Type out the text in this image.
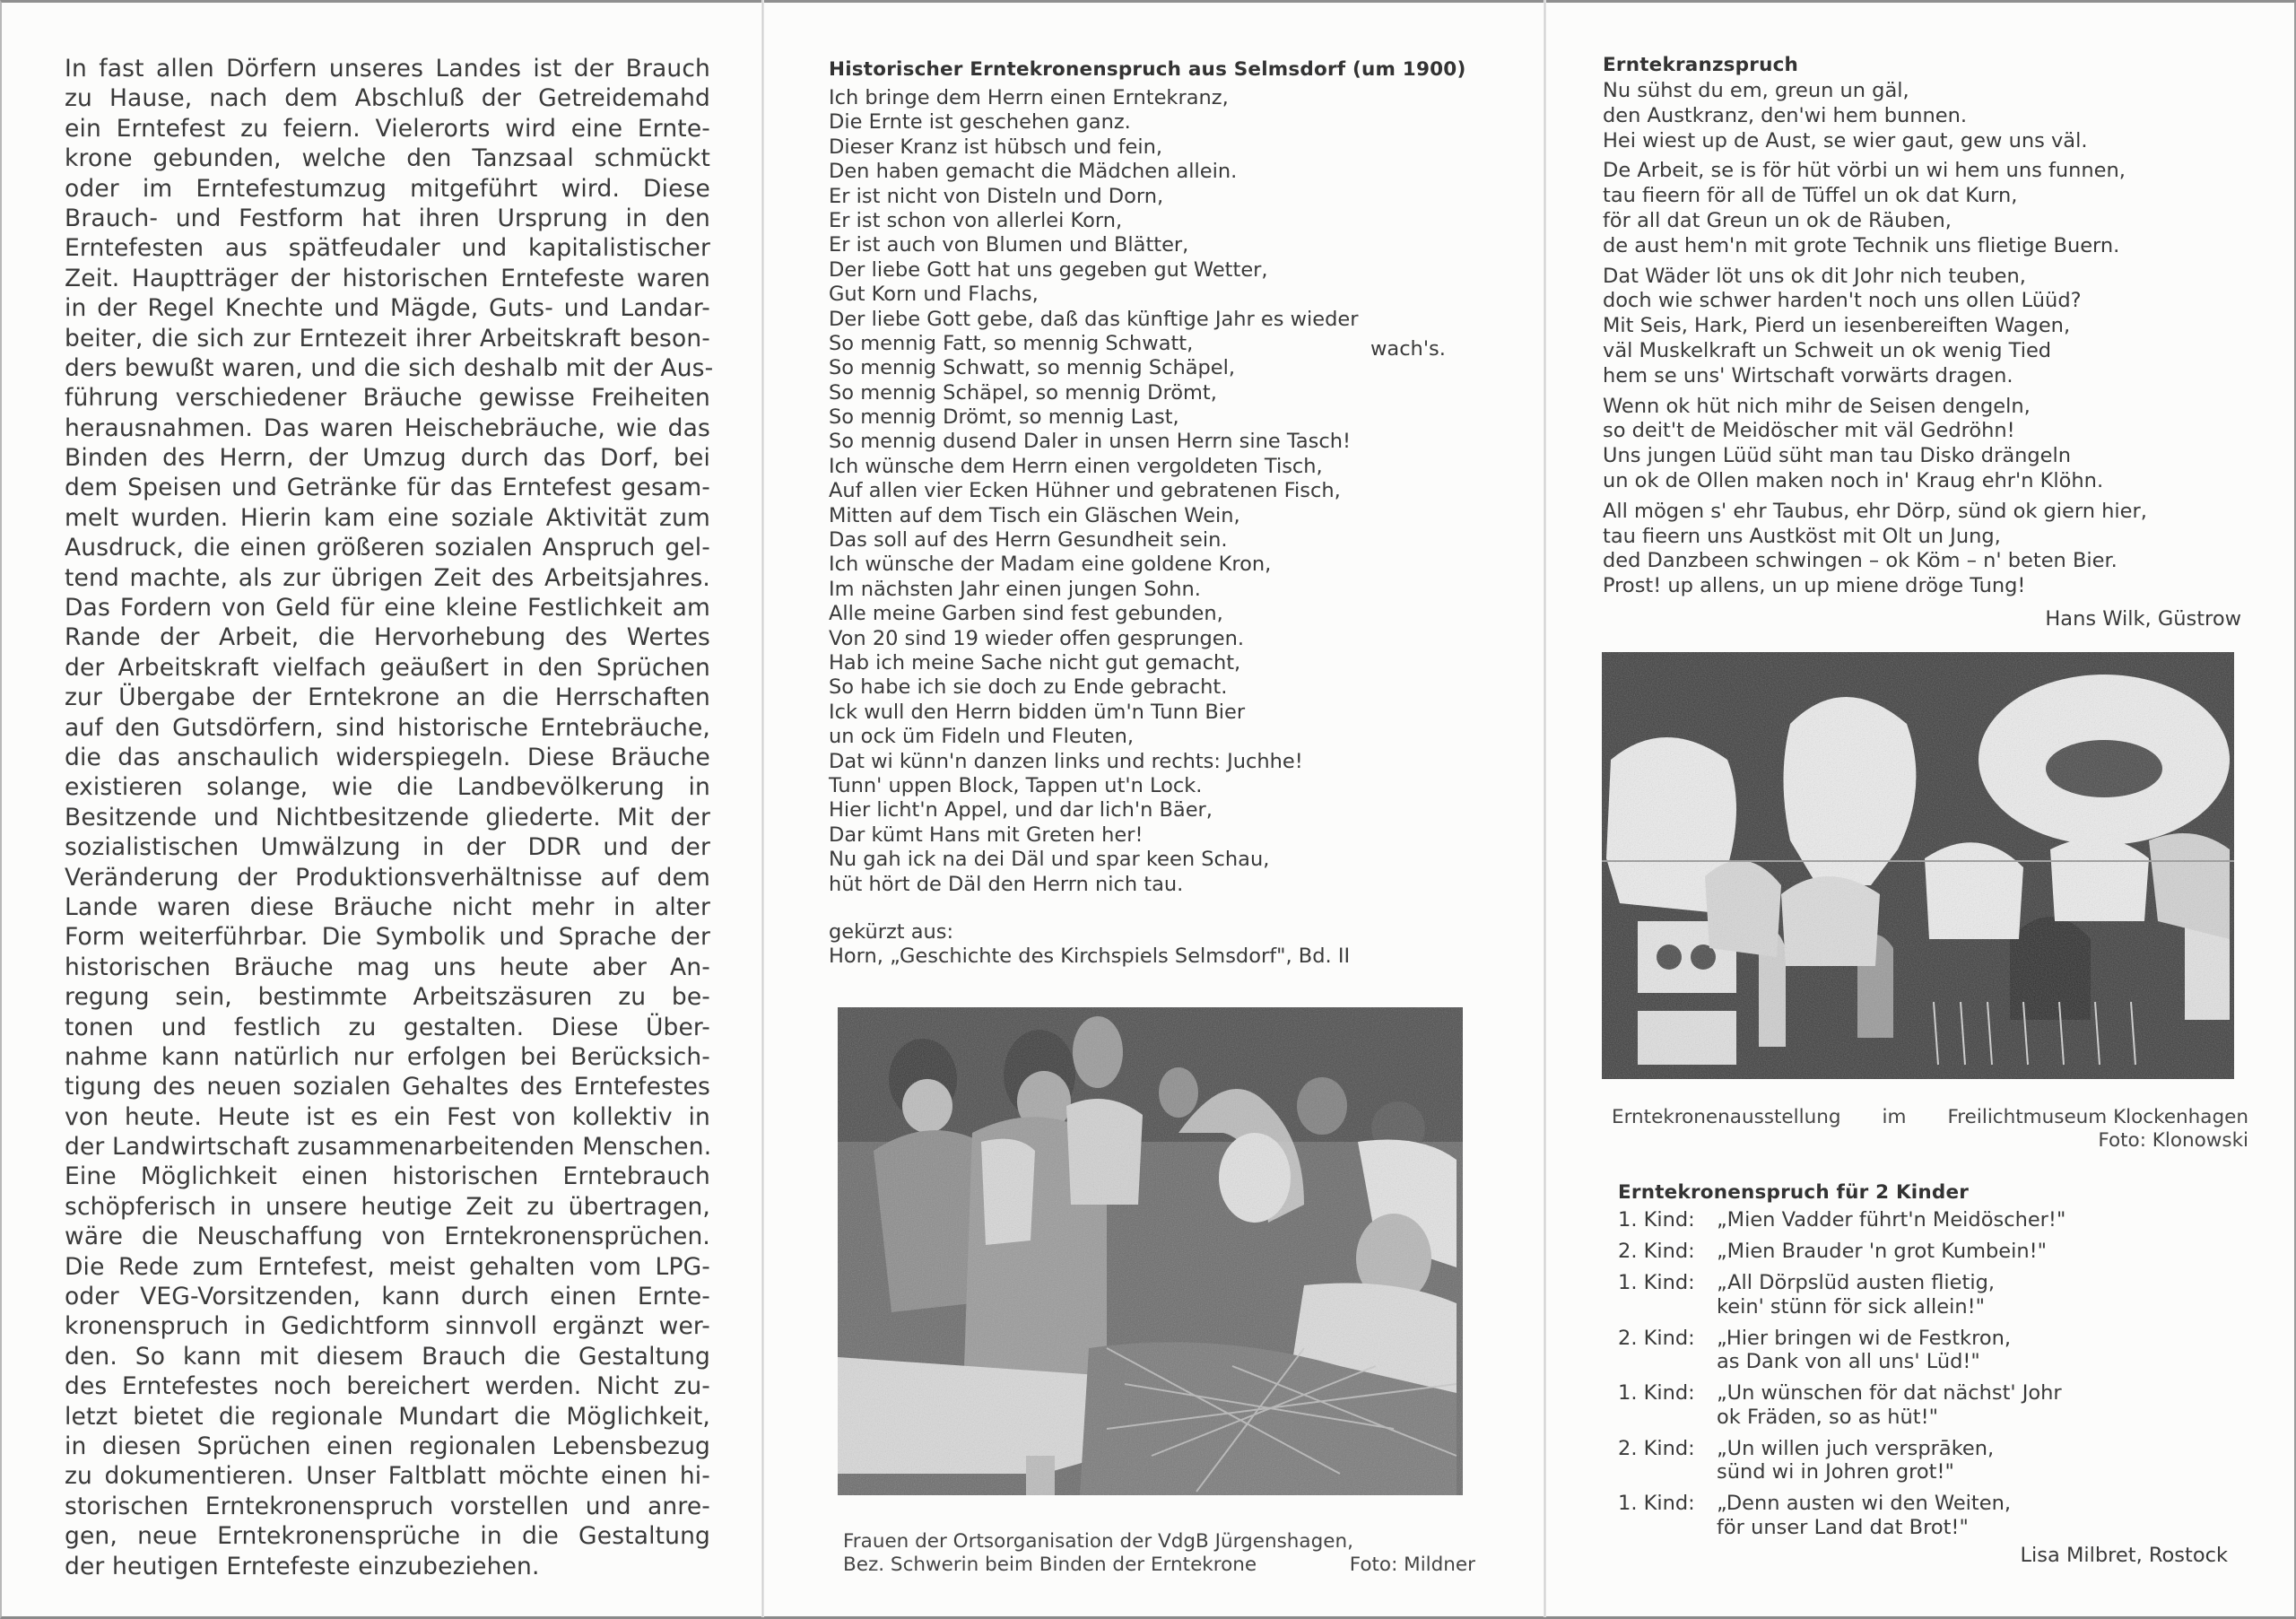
In fast allen Dörfern unseres Landes ist der Brauch
zu Hause, nach dem Abschluß der Getreidemahd
ein Erntefest zu feiern. Vielerorts wird eine Ernte-
krone gebunden, welche den Tanzsaal schmückt
oder im Erntefestumzug mitgeführt wird. Diese
Brauch- und Festform hat ihren Ursprung in den
Erntefesten aus spätfeudaler und kapitalistischer
Zeit. Hauptträger der historischen Erntefeste waren
in der Regel Knechte und Mägde, Guts- und Landar-
beiter, die sich zur Erntezeit ihrer Arbeitskraft beson-
ders bewußt waren, und die sich deshalb mit der Aus-
führung verschiedener Bräuche gewisse Freiheiten
herausnahmen. Das waren Heischebräuche, wie das
Binden des Herrn, der Umzug durch das Dorf, bei
dem Speisen und Getränke für das Erntefest gesam-
melt wurden. Hierin kam eine soziale Aktivität zum
Ausdruck, die einen größeren sozialen Anspruch gel-
tend machte, als zur übrigen Zeit des Arbeitsjahres.
Das Fordern von Geld für eine kleine Festlichkeit am
Rande der Arbeit, die Hervorhebung des Wertes
der Arbeitskraft vielfach geäußert in den Sprüchen
zur Übergabe der Erntekrone an die Herrschaften
auf den Gutsdörfern, sind historische Erntebräuche,
die das anschaulich widerspiegeln. Diese Bräuche
existieren solange, wie die Landbevölkerung in
Besitzende und Nichtbesitzende gliederte. Mit der
sozialistischen Umwälzung in der DDR und der
Veränderung der Produktionsverhältnisse auf dem
Lande waren diese Bräuche nicht mehr in alter
Form weiterführbar. Die Symbolik und Sprache der
historischen Bräuche mag uns heute aber An-
regung sein, bestimmte Arbeitszäsuren zu be-
tonen und festlich zu gestalten. Diese Über-
nahme kann natürlich nur erfolgen bei Berücksich-
tigung des neuen sozialen Gehaltes des Erntefestes
von heute. Heute ist es ein Fest von kollektiv in
der Landwirtschaft zusammenarbeitenden Menschen.
Eine Möglichkeit einen historischen Erntebrauch
schöpferisch in unsere heutige Zeit zu übertragen,
wäre die Neuschaffung von Erntekronensprüchen.
Die Rede zum Erntefest, meist gehalten vom LPG-
oder VEG-Vorsitzenden, kann durch einen Ernte-
kronenspruch in Gedichtform sinnvoll ergänzt wer-
den. So kann mit diesem Brauch die Gestaltung
des Erntefestes noch bereichert werden. Nicht zu-
letzt bietet die regionale Mundart die Möglichkeit,
in diesen Sprüchen einen regionalen Lebensbezug
zu dokumentieren. Unser Faltblatt möchte einen hi-
storischen Erntekronenspruch vorstellen und anre-
gen, neue Erntekronensprüche in die Gestaltung
der heutigen Erntefeste einzubeziehen.
Historischer Erntekronenspruch aus Selmsdorf (um 1900)
Ich bringe dem Herrn einen Erntekranz,
Die Ernte ist geschehen ganz.
Dieser Kranz ist hübsch und fein,
Den haben gemacht die Mädchen allein.
Er ist nicht von Disteln und Dorn,
Er ist schon von allerlei Korn,
Er ist auch von Blumen und Blätter,
Der liebe Gott hat uns gegeben gut Wetter,
Gut Korn und Flachs,
Der liebe Gott gebe, daß das künftige Jahr es wieder
So mennig Fatt, so mennig Schwatt,	wach's.
So mennig Schwatt, so mennig Schäpel,
So mennig Schäpel, so mennig Drömt,
So mennig Drömt, so mennig Last,
So mennig dusend Daler in unsen Herrn sine Tasch!
Ich wünsche dem Herrn einen vergoldeten Tisch,
Auf allen vier Ecken Hühner und gebratenen Fisch,
Mitten auf dem Tisch ein Gläschen Wein,
Das soll auf des Herrn Gesundheit sein.
Ich wünsche der Madam eine goldene Kron,
Im nächsten Jahr einen jungen Sohn.
Alle meine Garben sind fest gebunden,
Von 20 sind 19 wieder offen gesprungen.
Hab ich meine Sache nicht gut gemacht,
So habe ich sie doch zu Ende gebracht.
Ick wull den Herrn bidden üm'n Tunn Bier
un ock üm Fideln und Fleuten,
Dat wi künn'n danzen links und rechts: Juchhe!
Tunn' uppen Block, Tappen ut'n Lock.
Hier licht'n Appel, und dar lich'n Bäer,
Dar kümt Hans mit Greten her!
Nu gah ick na dei Däl und spar keen Schau,
hüt hört de Däl den Herrn nich tau.
gekürzt aus:
Horn, „Geschichte des Kirchspiels Selmsdorf", Bd. II
Frauen der Ortsorganisation der VdgB Jürgenshagen,
Bez. Schwerin beim Binden der Erntekrone	Foto: Mildner
Erntekranzspruch
Nu sühst du em, greun un gäl,
den Austkranz, den'wi hem bunnen.
Hei wiest up de Aust, se wier gaut, gew uns väl.
De Arbeit, se is för hüt vörbi un wi hem uns funnen,
tau fieern för all de Tüffel un ok dat Kurn,
för all dat Greun un ok de Räuben,
de aust hem'n mit grote Technik uns flietige Buern.
Dat Wäder löt uns ok dit Johr nich teuben,
doch wie schwer harden't noch uns ollen Lüüd?
Mit Seis, Hark, Pierd un iesenbereiften Wagen,
väl Muskelkraft un Schweit un ok wenig Tied
hem se uns' Wirtschaft vorwärts dragen.
Wenn ok hüt nich mihr de Seisen dengeln,
so deit't de Meidöscher mit väl Gedröhn!
Uns jungen Lüüd süht man tau Disko drängeln
un ok de Ollen maken noch in' Kraug ehr'n Klöhn.
All mögen s' ehr Taubus, ehr Dörp, sünd ok giern hier,
tau fieern uns Austköst mit Olt un Jung,
ded Danzbeen schwingen – ok Köm – n' beten Bier.
Prost! up allens, un up miene dröge Tung!
Hans Wilk, Güstrow
Erntekronenausstellung im Freilichtmuseum Klockenhagen
Foto: Klonowski
Erntekronenspruch für 2 Kinder
1. Kind:	„Mien Vadder führt'n Meidöscher!"
2. Kind:	„Mien Brauder 'n grot Kumbein!"
1. Kind:	„All Dörpslüd austen flietig,
kein' stünn för sick allein!"
2. Kind:	„Hier bringen wi de Festkron,
as Dank von all uns' Lüd!"
1. Kind:	„Un wünschen för dat nächst' Johr
ok Fräden, so as hüt!"
2. Kind:	„Un willen juch versprāken,
sünd wi in Johren grot!"
1. Kind:	„Denn austen wi den Weiten,
för unser Land dat Brot!"
Lisa Milbret, Rostock
